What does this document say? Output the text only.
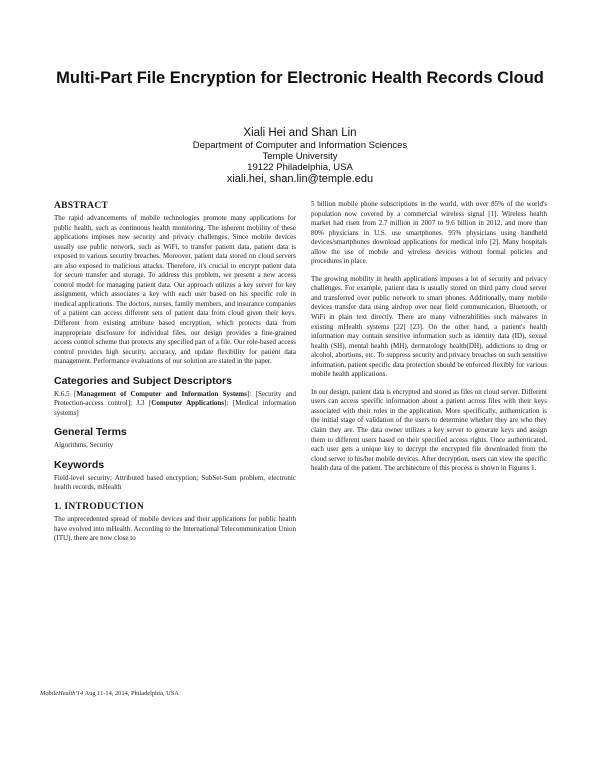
Multi-Part File Encryption for Electronic Health Records Cloud
Xiali Hei and Shan Lin
Department of Computer and Information Sciences
Temple University
19122 Philadelphia, USA
xiali.hei, shan.lin@temple.edu
ABSTRACT

The rapid advancements of mobile technologies promote many applications for public health, such as continuous health monitoring. The inherent mobility of these applications imposes new security and privacy challenges. Since mobile devices usually use public network, such as WiFi, to transfer patient data, patient data is exposed to various security breaches. Moreover, patient data stored on cloud servers are also exposed to malicious attacks. Therefore, it's crucial to encrypt patient data for secure transfer and storage. To address this problem, we present a new access control model for managing patient data. Our approach utilizes a key server for key assignment, which associates a key with each user based on his specific role in medical applications. The doctors, nurses, family members, and insurance companies of a patient can access different sets of patient data from cloud given their keys. Different from existing attribute based encryption, which protects data from inappropriate disclosure for individual files, our design provides a fine-grained access control scheme that protects any specified part of a file. Our role-based access control provides high security, accuracy, and update flexibility for patient data management. Performance evaluations of our solution are stated in the paper.

Categories and Subject Descriptors

K.6.5 [Management of Computer and Information Systems]: [Security and Protection-access control]; J.3 [Computer Applications]: [Medical information systems]

General Terms

Algorithms, Security

Keywords

Field-level security; Attributed based encryption; SubSet-Sum problem, electronic health records, mHealth

1. INTRODUCTION

The unprecedented spread of mobile devices and their applications for public health have evolved into mHealth. According to the International Telecommunication Union (ITU), there are now close to

5 billion mobile phone subscriptions in the world, with over 85% of the world's population now covered by a commercial wireless signal [1]. Wireless health market had risen from 2.7 million in 2007 to 9.6 billion in 2012, and more than 80% physicians in U.S. use smartphones. 95% physicians using handheld devices/smartphones download applications for medical info [2]. Many hospitals allow the use of mobile and wireless devices without formal policies and procedures in place.

The growing mobility in health applications imposes a lot of security and privacy challenges. For example, patient data is usually stored on third party cloud server and transferred over public network to smart phones. Additionally, many mobile devices transfer data using airdrop over near field communication, Bluetooth, or WiFi in plain text directly. There are many vulnerabilities such malwares in existing mHealth systems [22] [23]. On the other hand, a patient's health information may contain sensitive information such as identity data (ID), sexual health (SH), mental health (MH), dermatology health(DH), addictions to drug or alcohol, abortions, etc. To suppress security and privacy breaches on such sensitive information, patient specific data protection should be enforced flexibly for various mobile health applications.

In our design, patient data is encrypted and stored as files on cloud server. Different users can access specific information about a patient across files with their keys associated with their roles in the application. More specifically, authentication is the initial stage of validation of the users to determine whether they are who they claim they are. The data owner utilizes a key server to generate keys and assign them to different users based on their specified access rights. Once authenticated, each user gets a unique key to decrypt the encrypted file downloaded from the cloud server to his/her mobile devices. After decryption, users can view the specific health data of the patient. The architecture of this process is shown in Figures 1.

MobileHealth'14 Aug 11-14, 2014, Philadelphia, USA
